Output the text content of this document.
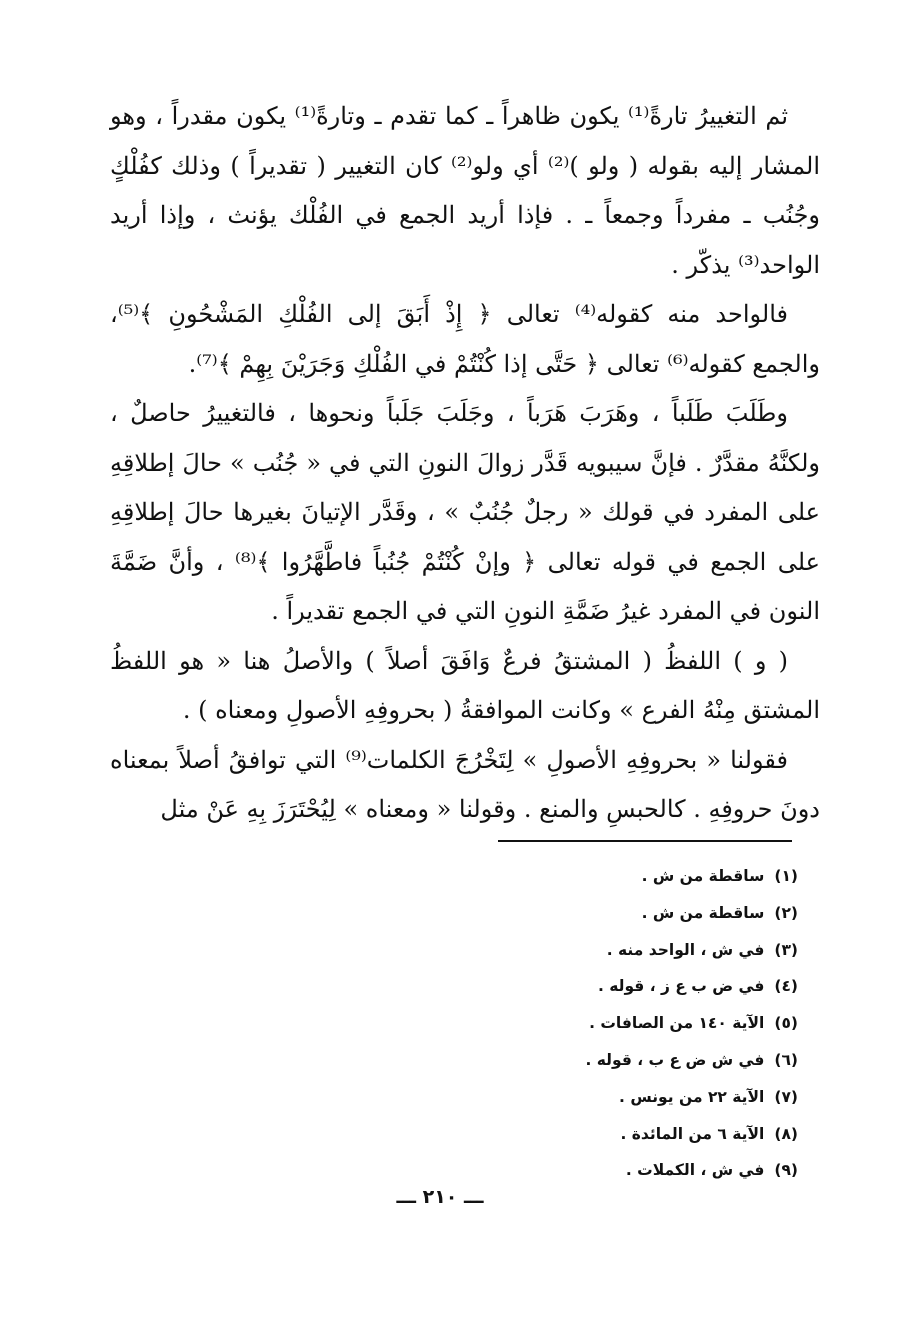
ثم التغييرُ تارةً⁽¹⁾ يكون ظاهراً ـ كما تقدم ـ وتارةً⁽¹⁾ يكون مقدراً ، وهو المشار إليه بقوله ( ولو )⁽²⁾ أي ولو⁽²⁾ كان التغيير ( تقديراً ) وذلك كفُلْكٍ وجُنُب ـ مفرداً وجمعاً ـ . فإذا أريد الجمع في الفُلْك يؤنث ، وإذا أريد الواحد⁽³⁾ يذكّر .

فالواحد منه كقوله⁽⁴⁾ تعالى ﴿ إِذْ أَبَقَ إلى الفُلْكِ المَشْحُونِ ﴾⁽⁵⁾، والجمع كقوله⁽⁶⁾ تعالى ﴿ حَتَّى إذا كُنْتُمْ في الفُلْكِ وَجَرَيْنَ بِهِمْ ﴾⁽⁷⁾.

وطَلَبَ طَلَباً ، وهَرَبَ هَرَباً ، وجَلَبَ جَلَباً ونحوها ، فالتغييرُ حاصلٌ ، ولكنَّهُ مقدَّرٌ . فإنَّ سيبويه قَدَّر زوالَ النونِ التي في « جُنُب » حالَ إطلاقِهِ على المفرد في قولك « رجلٌ جُنُبٌ » ، وقَدَّر الإتيانَ بغيرها حالَ إطلاقِهِ على الجمع في قوله تعالى ﴿ وإنْ كُنْتُمْ جُنُباً فاطَّهَّرُوا ﴾⁽⁸⁾ ، وأنَّ ضَمَّةَ النون في المفرد غيرُ ضَمَّةِ النونِ التي في الجمع تقديراً .

( و ) اللفظُ ( المشتقُ فرعٌ وَافَقَ أصلاً ) والأصلُ هنا « هو اللفظُ المشتق مِنْهُ الفرع » وكانت الموافقةُ ( بحروفِهِ الأصولِ ومعناه ) .

فقولنا « بحروفِهِ الأصولِ » لِتَخْرُجَ الكلمات⁽⁹⁾ التي توافقُ أصلاً بمعناه دونَ حروفِهِ . كالحبسِ والمنع . وقولنا « ومعناه » لِيُحْتَرَزَ بِهِ عَنْ مثل

(١)ساقطة من ش .
(٢)ساقطة من ش .
(٣)في ش ، الواحد منه .
(٤)في ض ب ع ز ، قوله .
(٥)الآية ١٤٠ من الصافات .
(٦)في ش ض ع ب ، قوله .
(٧)الآية ٢٢ من يونس .
(٨)الآية ٦ من المائدة .
(٩)في ش ، الكملات .
ـــ ٢١٠ ـــ
